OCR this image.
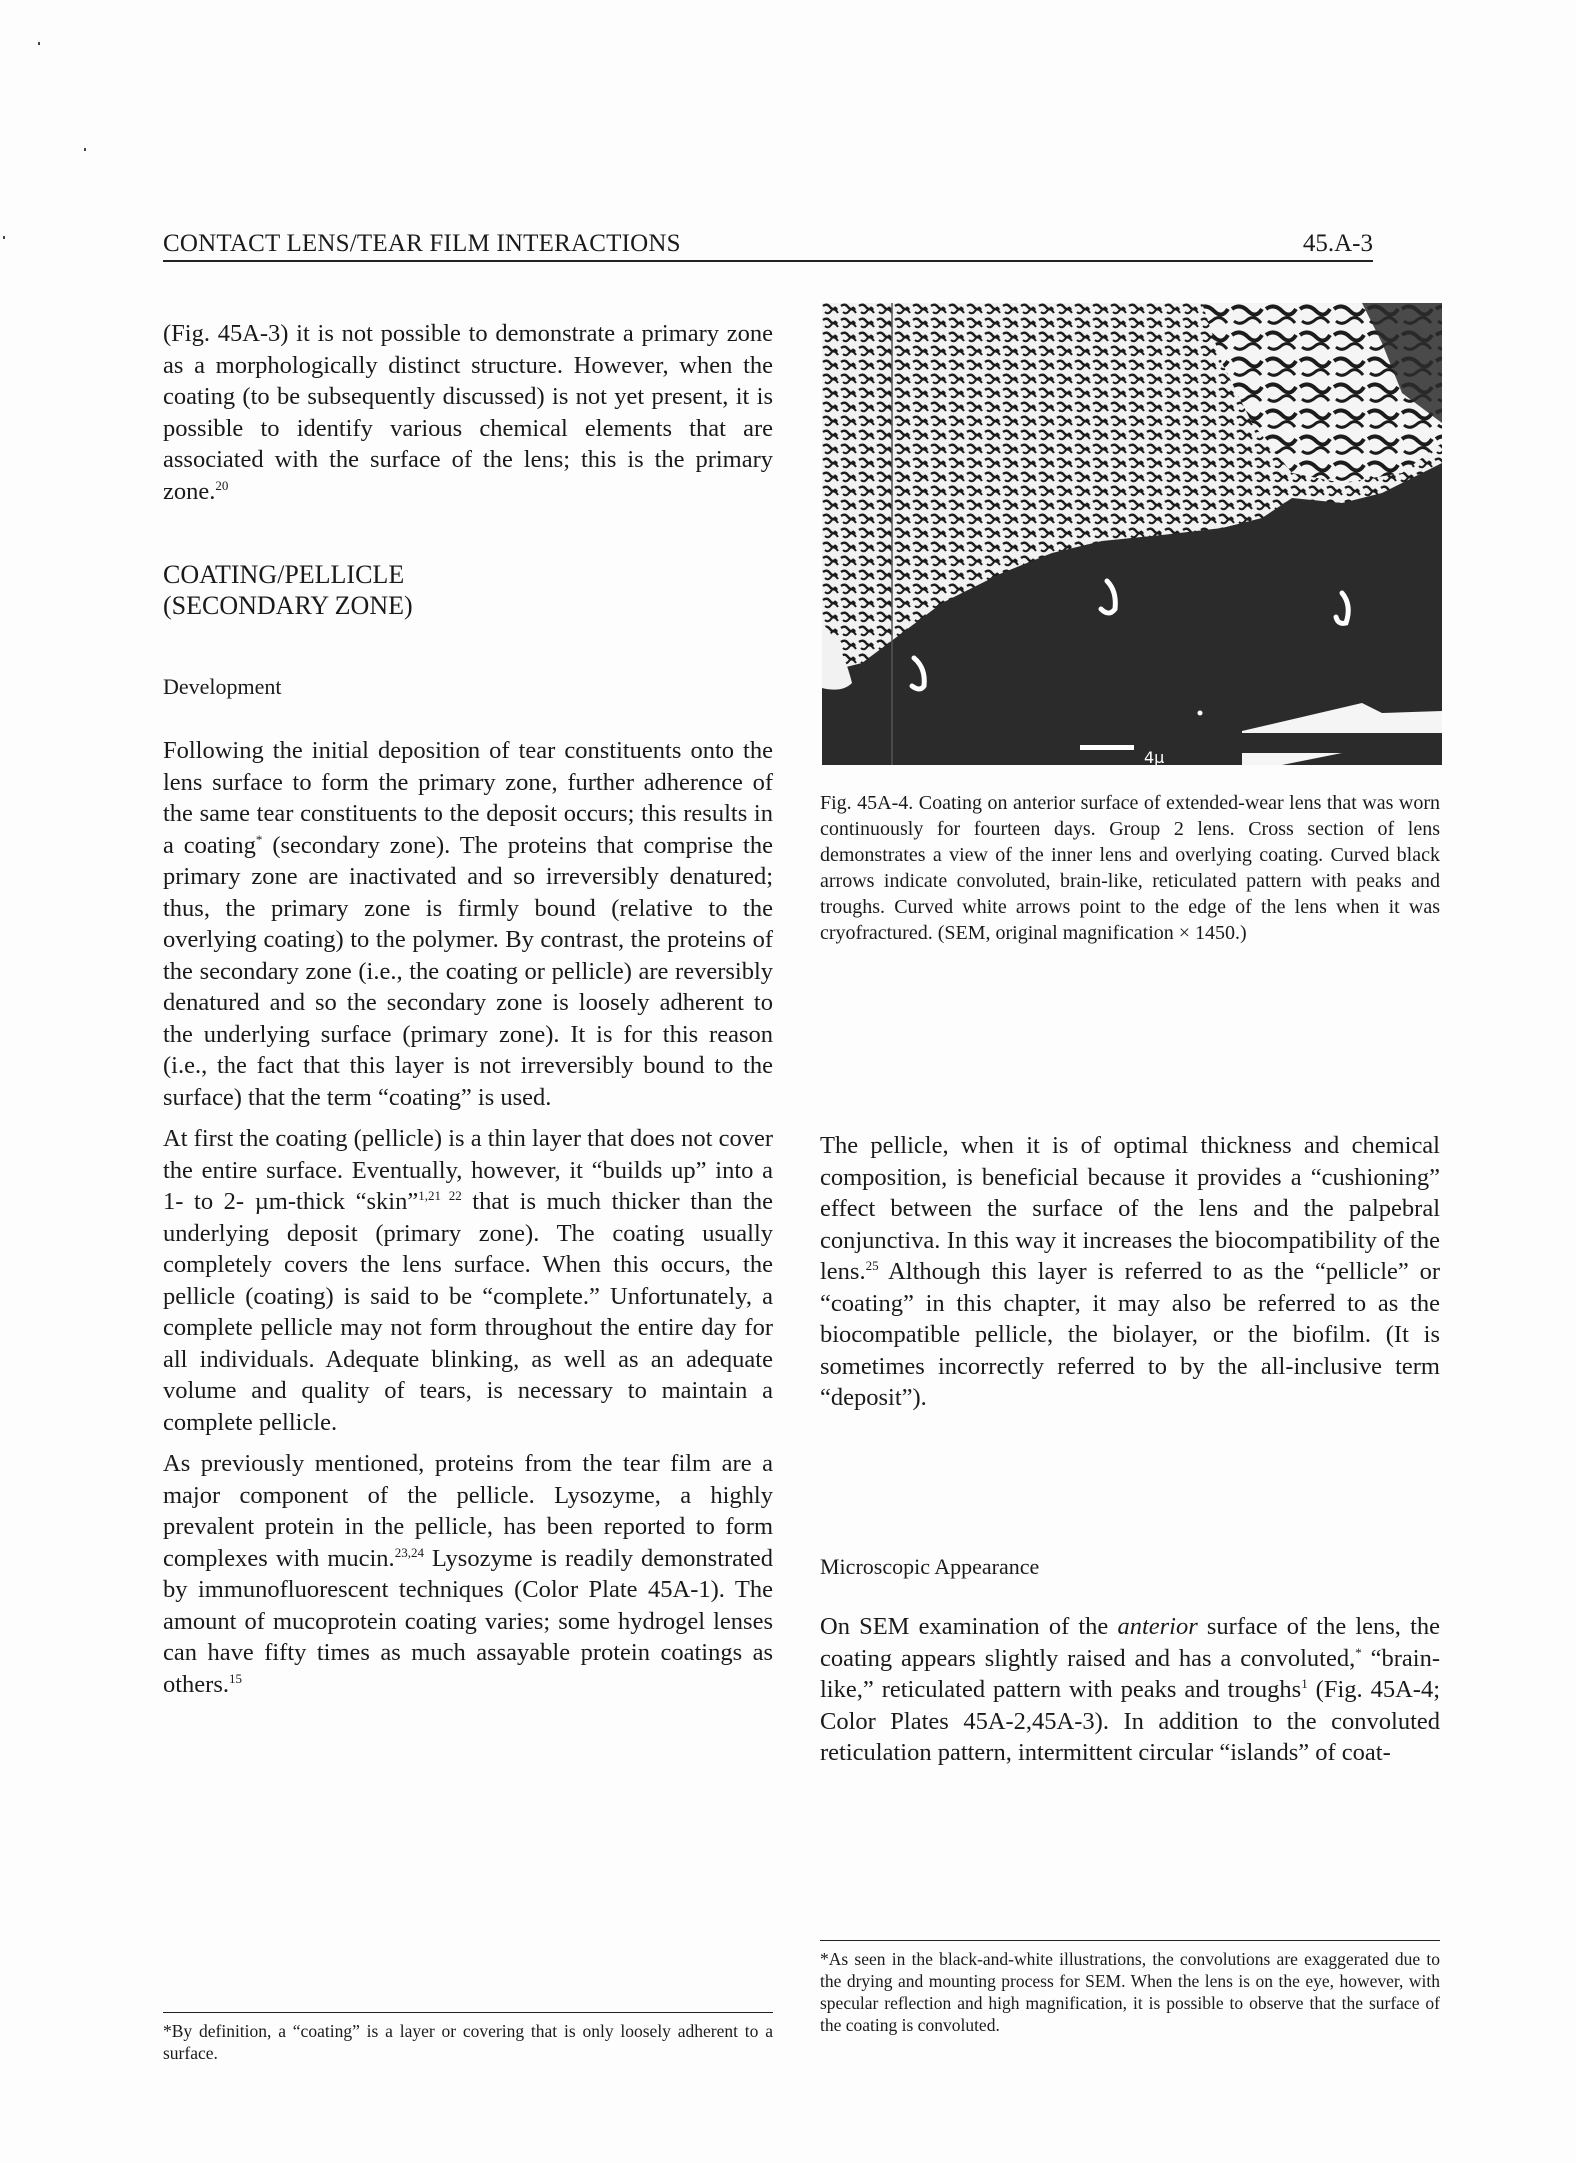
CONTACT LENS/TEAR FILM INTERACTIONS	45.A-3

(Fig. 45A-3) it is not possible to demonstrate a primary zone as a morphologically distinct structure. However, when the coating (to be subsequently discussed) is not yet present, it is possible to identify various chemical elements that are associated with the surface of the lens; this is the primary zone.$^{20}$

COATING/PELLICLE
(SECONDARY ZONE)
Development

Following the initial deposition of tear constituents onto the lens surface to form the primary zone, further adherence of the same tear constituents to the deposit occurs; this results in a coating* (secondary zone). The proteins that comprise the primary zone are inactivated and so irreversibly denatured; thus, the primary zone is firmly bound (relative to the overlying coating) to the polymer. By contrast, the proteins of the secondary zone (i.e., the coating or pellicle) are reversibly denatured and so the secondary zone is loosely adherent to the underlying surface (primary zone). It is for this reason (i.e., the fact that this layer is not irreversibly bound to the surface) that the term “coating” is used.

At first the coating (pellicle) is a thin layer that does not cover the entire surface. Eventually, however, it “builds up” into a 1- to 2- µm-thick “skin”$^{1,21 22}$ that is much thicker than the underlying deposit (primary zone). The coating usually completely covers the lens surface. When this occurs, the pellicle (coating) is said to be “complete.” Unfortunately, a complete pellicle may not form throughout the entire day for all individuals. Adequate blinking, as well as an adequate volume and quality of tears, is necessary to maintain a complete pellicle.

As previously mentioned, proteins from the tear film are a major component of the pellicle. Lysozyme, a highly prevalent protein in the pellicle, has been reported to form complexes with mucin.$^{23,24}$ Lysozyme is readily demonstrated by immunofluorescent techniques (Color Plate 45A-1). The amount of mucoprotein coating varies; some hydrogel lenses can have fifty times as much assayable protein coatings as others.$^{15}$

*By definition, a “coating” is a layer or covering that is only loosely adherent to a surface.
4µ
Fig. 45A-4. Coating on anterior surface of extended-wear lens that was worn continuously for fourteen days. Group 2 lens. Cross section of lens demonstrates a view of the inner lens and overlying coating. Curved black arrows indicate convoluted, brain-like, reticulated pattern with peaks and troughs. Curved white arrows point to the edge of the lens when it was cryofractured. (SEM, original magnification × 1450.)

The pellicle, when it is of optimal thickness and chemical composition, is beneficial because it provides a “cushioning” effect between the surface of the lens and the palpebral conjunctiva. In this way it increases the biocompatibility of the lens.$^{25}$ Although this layer is referred to as the “pellicle” or “coating” in this chapter, it may also be referred to as the biocompatible pellicle, the biolayer, or the biofilm. (It is sometimes incorrectly referred to by the all-inclusive term “deposit”).

Microscopic Appearance

On SEM examination of the anterior surface of the lens, the coating appears slightly raised and has a convoluted,* “brain-like,” reticulated pattern with peaks and troughs$^1$ (Fig. 45A-4; Color Plates 45A-2,45A-3). In addition to the convoluted reticulation pattern, intermittent circular “islands” of coat-

*As seen in the black-and-white illustrations, the convolutions are exaggerated due to the drying and mounting process for SEM. When the lens is on the eye, however, with specular reflection and high magnification, it is possible to observe that the surface of the coating is convoluted.
